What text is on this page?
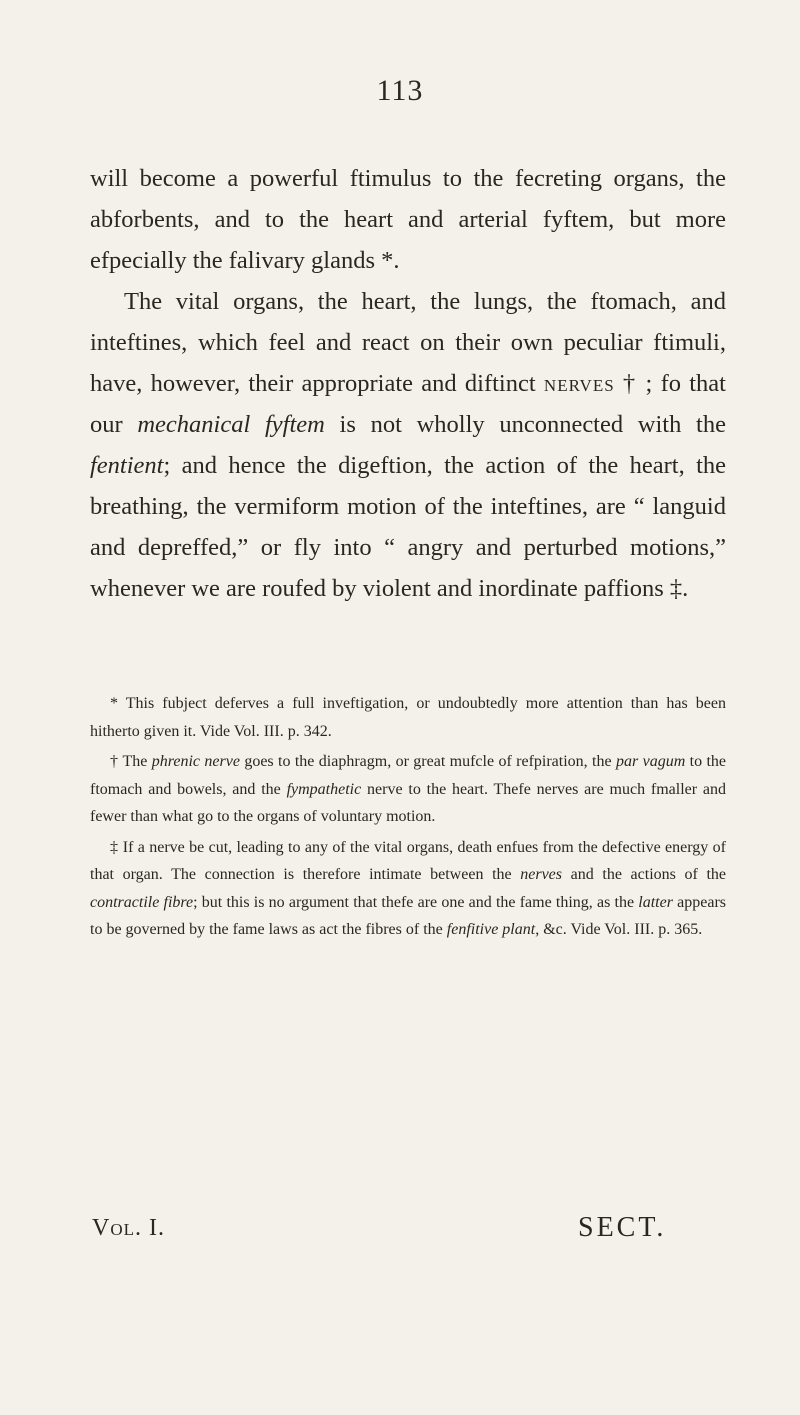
113

will become a powerful ftimulus to the fecreting organs, the abforbents, and to the heart and arterial fyftem, but more efpecially the falivary glands *.

The vital organs, the heart, the lungs, the ftomach, and inteftines, which feel and react on their own peculiar ftimuli, have, however, their appropriate and diftinct nerves † ; fo that our mechanical fyftem is not wholly unconnected with the fentient; and hence the digeftion, the action of the heart, the breathing, the vermiform motion of the inteftines, are “ languid and depreffed,” or fly into “ angry and perturbed motions,” whenever we are roufed by violent and inordinate paffions ‡.

* This fubject deferves a full inveftigation, or undoubtedly more attention than has been hitherto given it. Vide Vol. III. p. 342.

† The phrenic nerve goes to the diaphragm, or great mufcle of refpiration, the par vagum to the ftomach and bowels, and the fympathetic nerve to the heart. Thefe nerves are much fmaller and fewer than what go to the organs of voluntary motion.

‡ If a nerve be cut, leading to any of the vital organs, death enfues from the defective energy of that organ. The connection is therefore intimate between the nerves and the actions of the contractile fibre; but this is no argument that thefe are one and the fame thing, as the latter appears to be governed by the fame laws as act the fibres of the fenfitive plant, &c. Vide Vol. III. p. 365.

Vol. I.	SECT.
